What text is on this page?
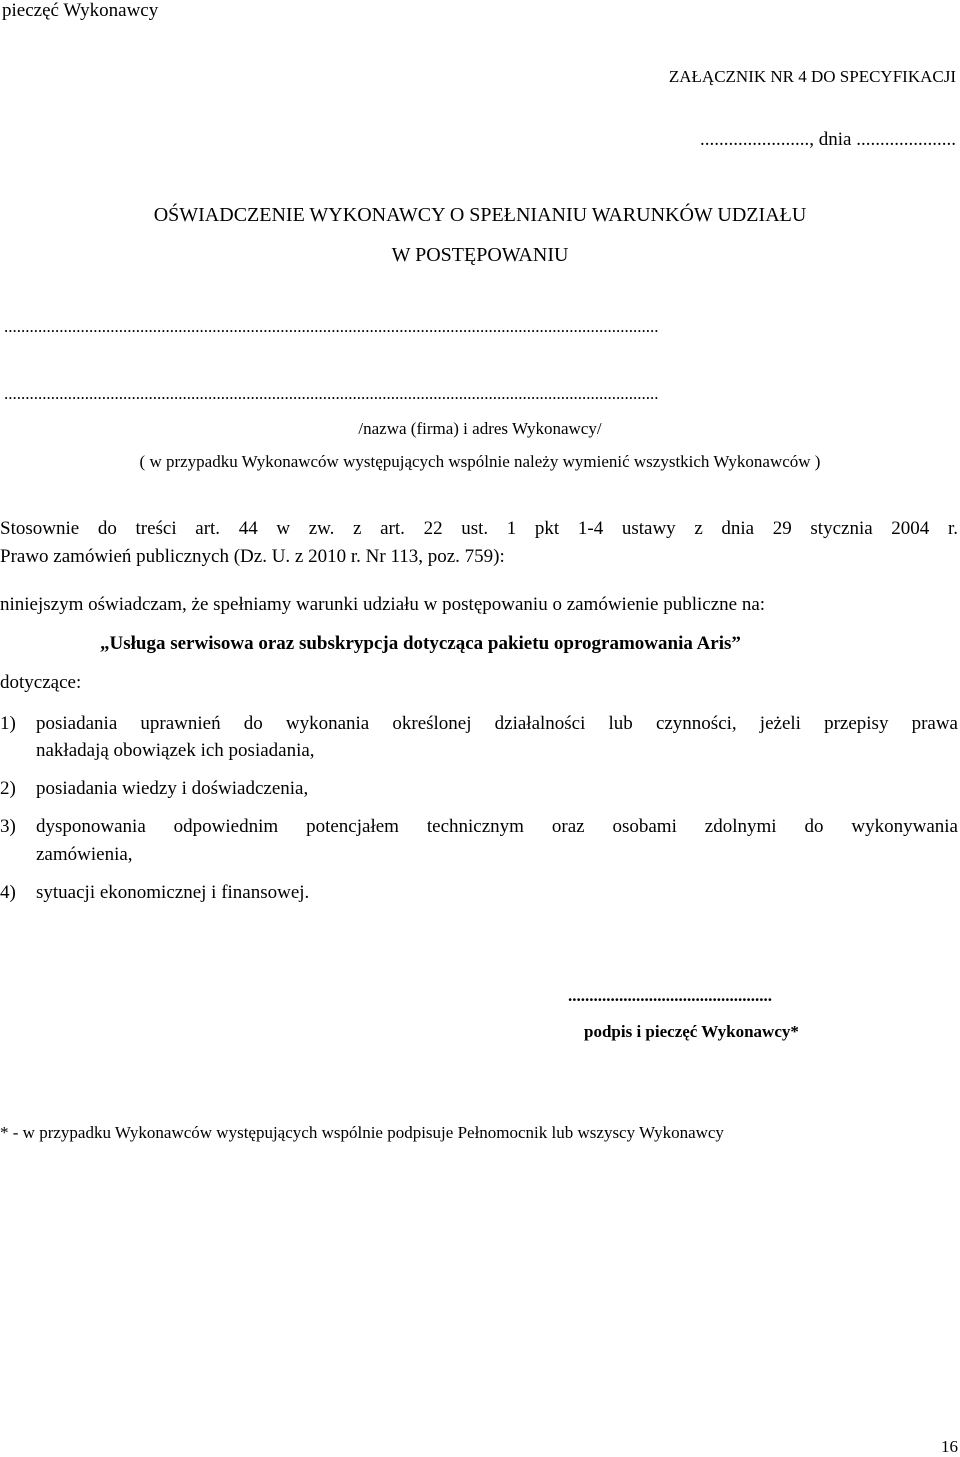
pieczęć Wykonawcy
ZAŁĄCZNIK NR 4 DO SPECYFIKACJI
......................., dnia .....................
OŚWIADCZENIE WYKONAWCY O SPEŁNIANIU WARUNKÓW UDZIAŁU
W POSTĘPOWANIU
..........................................................................................................................................................
..........................................................................................................................................................
/nazwa (firma) i adres Wykonawcy/
( w przypadku Wykonawców występujących wspólnie należy wymienić wszystkich Wykonawców )
Stosownie do treści art. 44 w zw. z art. 22 ust. 1 pkt 1-4 ustawy z dnia 29 stycznia 2004 r.
Prawo zamówień publicznych (Dz. U. z 2010 r. Nr 113, poz. 759):
niniejszym oświadczam, że spełniamy warunki udziału w postępowaniu o zamówienie publiczne na:
„Usługa serwisowa oraz subskrypcja dotycząca pakietu oprogramowania Aris”
dotyczące:
1) posiadania uprawnień do wykonania określonej działalności lub czynności, jeżeli przepisy prawa
nakładają obowiązek ich posiadania,
2) posiadania wiedzy i doświadczenia,
3) dysponowania odpowiednim potencjałem technicznym oraz osobami zdolnymi do wykonywania
zamówienia,
4) sytuacji ekonomicznej i finansowej.
................................................
podpis i pieczęć Wykonawcy*
* - w przypadku Wykonawców występujących wspólnie podpisuje Pełnomocnik lub wszyscy Wykonawcy
16
